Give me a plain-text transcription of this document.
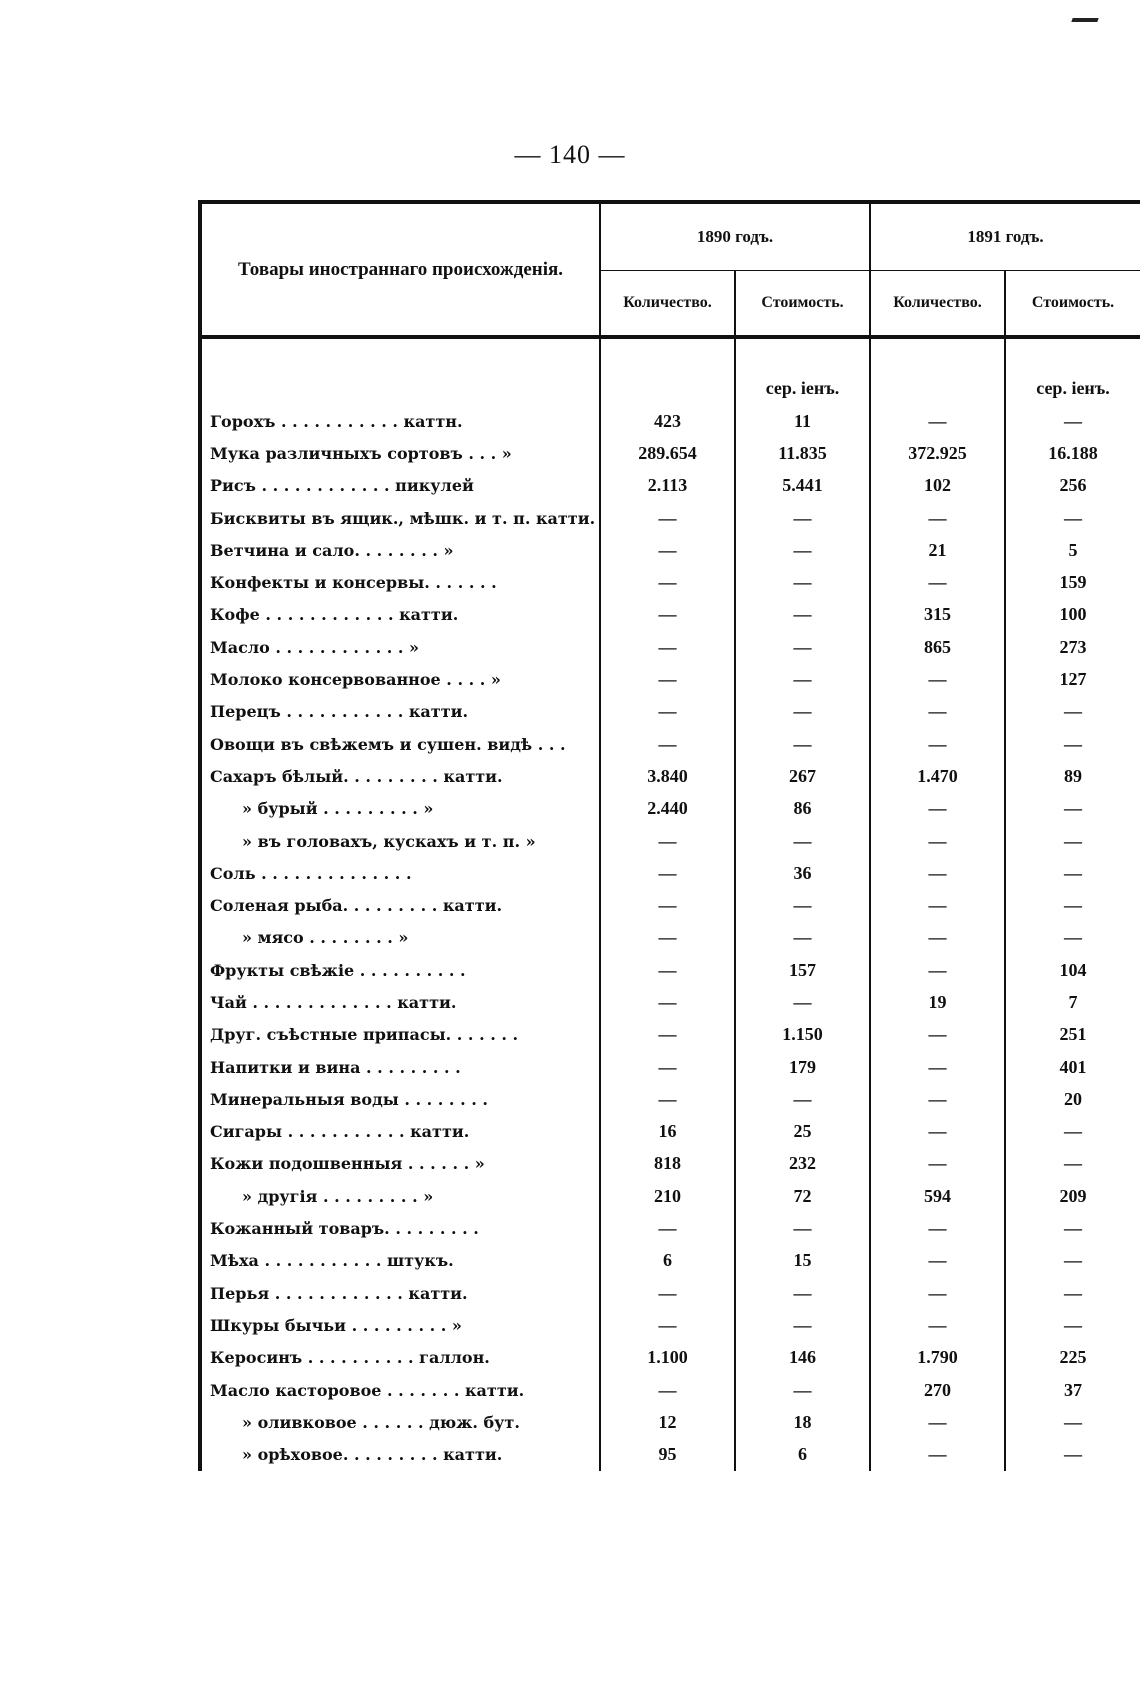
— 140 —
Товары иностраннаго происхожденія.	1890 годъ.		1891 годъ.	
	Количество.	Стоимость.	Количество.	Стоимость.
		сер. іенъ.		сер. іенъ.
Горохъ . . . . . . . . . . . каттн.	423	11	—	—
Мука различныхъ сортовъ . . . »	289.654	11.835	372.925	16.188
Рисъ . . . . . . . . . . . . пикулей	2.113	5.441	102	256
Бисквиты въ ящик., мѣшк. и т. п. катти.	—	—	—	—
Ветчина и сало. . . . . . . . »	—	—	21	5
Конфекты и консервы. . . . . . .	—	—	—	159
Кофе . . . . . . . . . . . . катти.	—	—	315	100
Масло . . . . . . . . . . . . »	—	—	865	273
Молоко консервованное . . . . »	—	—	—	127
Перецъ . . . . . . . . . . . катти.	—	—	—	—
Овощи въ свѣжемъ и сушен. видѣ . . .	—	—	—	—
Сахаръ бѣлый. . . . . . . . . катти.	3.840	267	1.470	89
» бурый . . . . . . . . . »	2.440	86	—	—
» въ головахъ, кускахъ и т. п. »	—	—	—	—
Соль . . . . . . . . . . . . . .	—	36	—	—
Соленая рыба. . . . . . . . . катти.	—	—	—	—
» мясо . . . . . . . . »	—	—	—	—
Фрукты свѣжіе . . . . . . . . . .	—	157	—	104
Чай . . . . . . . . . . . . . катти.	—	—	19	7
Друг. съѣстные припасы. . . . . . .	—	1.150	—	251
Напитки и вина . . . . . . . . .	—	179	—	401
Минеральныя воды . . . . . . . .	—	—	—	20
Сигары . . . . . . . . . . . катти.	16	25	—	—
Кожи подошвенныя . . . . . . »	818	232	—	—
» другія . . . . . . . . . »	210	72	594	209
Кожанный товаръ. . . . . . . . .	—	—	—	—
Мѣха . . . . . . . . . . . штукъ.	6	15	—	—
Перья . . . . . . . . . . . . катти.	—	—	—	—
Шкуры бычьи . . . . . . . . . »	—	—	—	—
Керосинъ . . . . . . . . . . галлон.	1.100	146	1.790	225
Масло касторовое . . . . . . . катти.	—	—	270	37
» оливковое . . . . . . дюж. бут.	12	18	—	—
» орѣховое. . . . . . . . . катти.	95	6	—	—
